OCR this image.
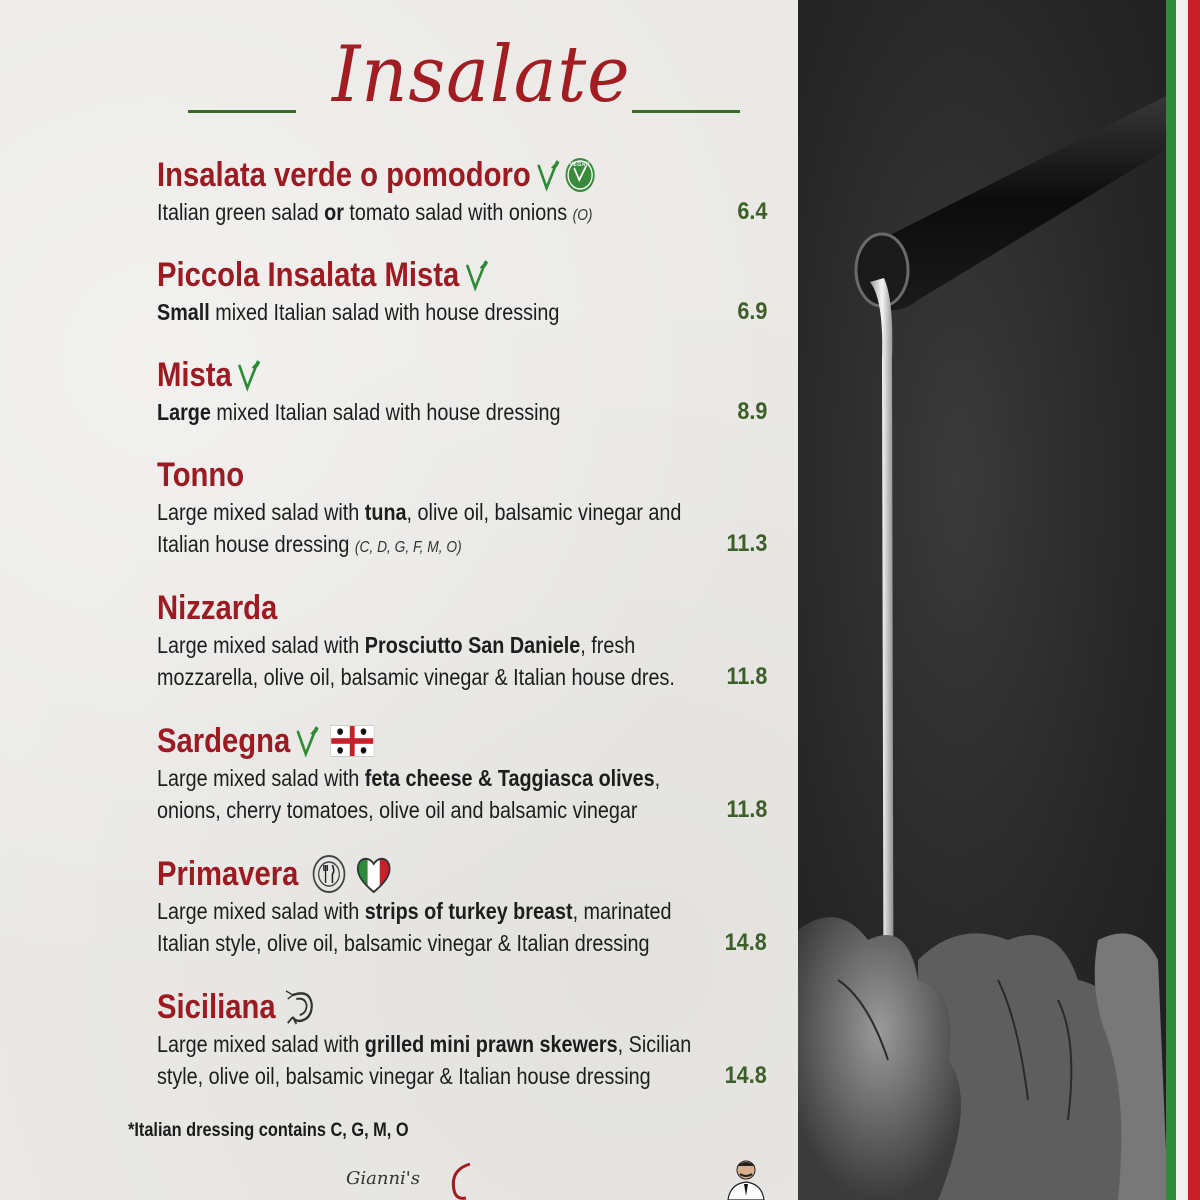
Insalate
Insalata verde o pomodoro	VEGAN
Italian green salad or tomato salad with onions (O)	6.4
Piccola Insalata Mista
Small mixed Italian salad with house dressing	6.9
Mista
Large mixed Italian salad with house dressing	8.9
Tonno
Large mixed salad with tuna, olive oil, balsamic vinegar and
Italian house dressing (C, D, G, F, M, O)	11.3
Nizzarda
Large mixed salad with Prosciutto San Daniele, fresh
mozzarella, olive oil, balsamic vinegar & Italian house dres.	11.8
Sardegna
Large mixed salad with feta cheese & Taggiasca olives,
onions, cherry tomatoes, olive oil and balsamic vinegar	11.8
Primavera
Large mixed salad with strips of turkey breast, marinated
Italian style, olive oil, balsamic vinegar & Italian dressing	14.8
Siciliana
Large mixed salad with grilled mini prawn skewers, Sicilian
style, olive oil, balsamic vinegar & Italian house dressing	14.8
*Italian dressing contains C, G, M, O
Gianni's
